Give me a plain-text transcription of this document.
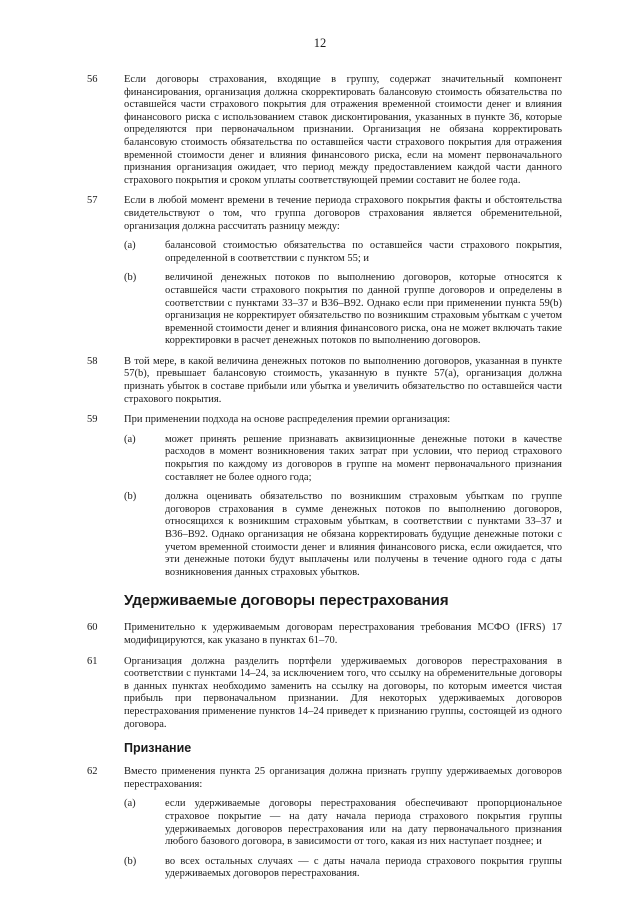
12
56	Если договоры страхования, входящие в группу, содержат значительный компонент финансирования, организация должна скорректировать балансовую стоимость обязательства по оставшейся части страхового покрытия для отражения временной стоимости денег и влияния финансового риска с использованием ставок дисконтирования, указанных в пункте 36, которые определяются при первоначальном признании. Организация не обязана корректировать балансовую стоимость обязательства по оставшейся части страхового покрытия для отражения временной стоимости денег и влияния финансового риска, если на момент первоначального признания организация ожидает, что период между предоставлением каждой части данного страхового покрытия и сроком уплаты соответствующей премии составит не более года.
57	Если в любой момент времени в течение периода страхового покрытия факты и обстоятельства свидетельствуют о том, что группа договоров страхования является обременительной, организация должна рассчитать разницу между:
(a)	балансовой стоимостью обязательства по оставшейся части страхового покрытия, определенной в соответствии с пунктом 55; и
(b)	величиной денежных потоков по выполнению договоров, которые относятся к оставшейся части страхового покрытия по данной группе договоров и определены в соответствии с пунктами 33–37 и B36–B92. Однако если при применении пункта 59(b) организация не корректирует обязательство по возникшим страховым убыткам с учетом временной стоимости денег и влияния финансового риска, она не может включать такие корректировки в расчет денежных потоков по выполнению договоров.
58	В той мере, в какой величина денежных потоков по выполнению договоров, указанная в пункте 57(b), превышает балансовую стоимость, указанную в пункте 57(a), организация должна признать убыток в составе прибыли или убытка и увеличить обязательство по оставшейся части страхового покрытия.
59	При применении подхода на основе распределения премии организация:
(a)	может принять решение признавать аквизиционные денежные потоки в качестве расходов в момент возникновения таких затрат при условии, что период страхового покрытия по каждому из договоров в группе на момент первоначального признания составляет не более одного года;
(b)	должна оценивать обязательство по возникшим страховым убыткам по группе договоров страхования в сумме денежных потоков по выполнению договоров, относящихся к возникшим страховым убыткам, в соответствии с пунктами 33–37 и B36–B92. Однако организация не обязана корректировать будущие денежные потоки с учетом временной стоимости денег и влияния финансового риска, если ожидается, что эти денежные потоки будут выплачены или получены в течение одного года с даты возникновения данных страховых убытков.
Удерживаемые договоры перестрахования
60	Применительно к удерживаемым договорам перестрахования требования МСФО (IFRS) 17 модифицируются, как указано в пунктах 61–70.
61	Организация должна разделить портфели удерживаемых договоров перестрахования в соответствии с пунктами 14–24, за исключением того, что ссылку на обременительные договоры в данных пунктах необходимо заменить на ссылку на договоры, по которым имеется чистая прибыль при первоначальном признании. Для некоторых удерживаемых договоров перестрахования применение пунктов 14–24 приведет к признанию группы, состоящей из одного договора.
Признание
62	Вместо применения пункта 25 организация должна признать группу удерживаемых договоров перестрахования:
(a)	если удерживаемые договоры перестрахования обеспечивают пропорциональное страховое покрытие — на дату начала периода страхового покрытия группы удерживаемых договоров перестрахования или на дату первоначального признания любого базового договора, в зависимости от того, какая из них наступает позднее; и
(b)	во всех остальных случаях — с даты начала периода страхового покрытия группы удерживаемых договоров перестрахования.
